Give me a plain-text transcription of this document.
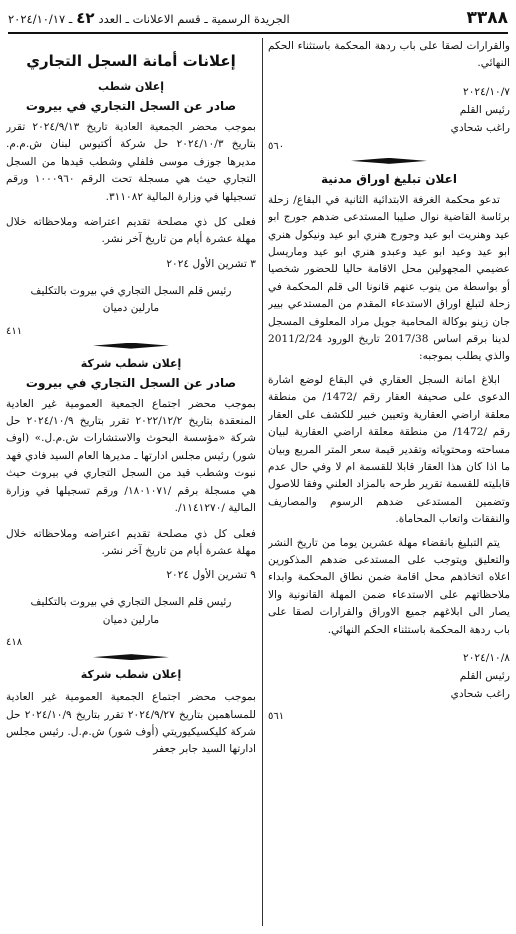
٣٣٨٨
الجريدة الرسمية ـ قسم الاعلانات ـ العدد٤٢ـ ٢٠٢٤/١٠/١٧

والقرارات لصقا على باب ردهة المحكمة باستثناء الحكم النهائي.

٢٠٢٤/١٠/٧
رئيس القلم
راغب شحادي
٥٦٠
اعلان تبليغ اوراق مدنية

تدعو محكمة الغرفة الابتدائية الثانية في البقاع/ زحلة برئاسة القاضية نوال صليبا المستدعى ضدهم جورج ابو عيد وهنريت ابو عيد وجورج هنري ابو عيد ونيكول هنري ابو عيد وعيد ابو عيد وعبدو هنري ابو عيد وماريسل عضيمي المجهولين محل الاقامة حاليا للحضور شخصيا أو بواسطة من ينوب عنهم قانونا الى قلم المحكمة في زحلة لتبلغ اوراق الاستدعاء المقدم من المستدعي بيير جان زينو بوكالة المحامية جويل مراد المعلوف المسجل لدينا برقم اساس 2017/38 تاريخ الورود 2011/2/24 والذي يطلب بموجبه:

ابلاغ امانة السجل العقاري في البقاع لوضع اشارة الدعوى على صحيفة العقار رقم /1472/ من منطقة معلقة اراضي العقارية وتعيين خبير للكشف على العقار رقم /1472/ من منطقة معلقة اراضي العقارية لبيان مساحته ومحتوياته وتقدير قيمة سعر المتر المربع وبيان ما اذا كان هذا العقار قابلا للقسمة ام لا وفي حال عدم قابليته للقسمة تقرير طرحه بالمزاد العلني وفقا للاصول وتضمين المستدعى ضدهم الرسوم والمصاريف والنفقات واتعاب المحاماة.

يتم التبليغ بانقضاء مهلة عشرين يوما من تاريخ النشر والتعليق ويتوجب على المستدعى ضدهم المذكورين اعلاه اتخاذهم محل اقامة ضمن نطاق المحكمة وابداء ملاحظاتهم على الاستدعاء ضمن المهلة القانونية والا يصار الى ابلاغهم جميع الاوراق والقرارات لصقا على باب ردهة المحكمة باستثناء الحكم النهائي.

٢٠٢٤/١٠/٨
رئيس القلم
راغب شحادي
٥٦١
إعلانات أمانة السجل التجاري
إعلان شطب
صادر عن السجل التجاري في بيروت

بموجب محضر الجمعية العادية تاريخ ٢٠٢٤/٩/١٣ تقرر بتاريخ ٢٠٢٤/١٠/٣ حل شركة أكتيوس لبنان ش.م.م. مديرها جوزف موسى فلفلي وشطب قيدها من السجل التجاري حيث هي مسجلة تحت الرقم ١٠٠٠٩٦٠ ورقم تسجيلها في وزارة المالية ٣١١٠٨٢.

فعلى كل ذي مصلحة تقديم اعتراضه وملاحظاته خلال مهلة عشرة أيام من تاريخ آخر نشر.

٣ تشرين الأول ٢٠٢٤
رئيس قلم السجل التجاري في بيروت بالتكليف
مارلين دميان
٤١١
إعلان شطب شركة
صادر عن السجل التجاري في بيروت

بموجب محضر اجتماع الجمعية العمومية غير العادية المنعقدة بتاريخ ٢٠٢٢/١٢/٢ تقرر بتاريخ ٢٠٢٤/١٠/٩ حل شركة «مؤسسة البحوث والاستشارات ش.م.ل.» (اوف شور) رئيس مجلس ادارتها ـ مديرها العام السيد فادي فهد نبوت وشطب قيد من السجل التجاري في بيروت حيث هي مسجلة برقم /١٨٠١٠٧١/ ورقم تسجيلها في وزارة المالية /١١٤١٢٧٠/.

فعلى كل ذي مصلحة تقديم اعتراضه وملاحظاته خلال مهلة عشرة أيام من تاريخ آخر نشر.

٩ تشرين الأول ٢٠٢٤
رئيس قلم السجل التجاري في بيروت بالتكليف
مارلين دميان
٤١٨
إعلان شطب شركة

بموجب محضر اجتماع الجمعية العمومية غير العادية للمساهمين بتاريخ ٢٠٢٤/٩/٢٧ تقرر بتاريخ ٢٠٢٤/١٠/٩ حل شركة كليكسيكيوريتي (أوف شور) ش.م.ل. رئيس مجلس ادارتها السيد جابر جعفر
